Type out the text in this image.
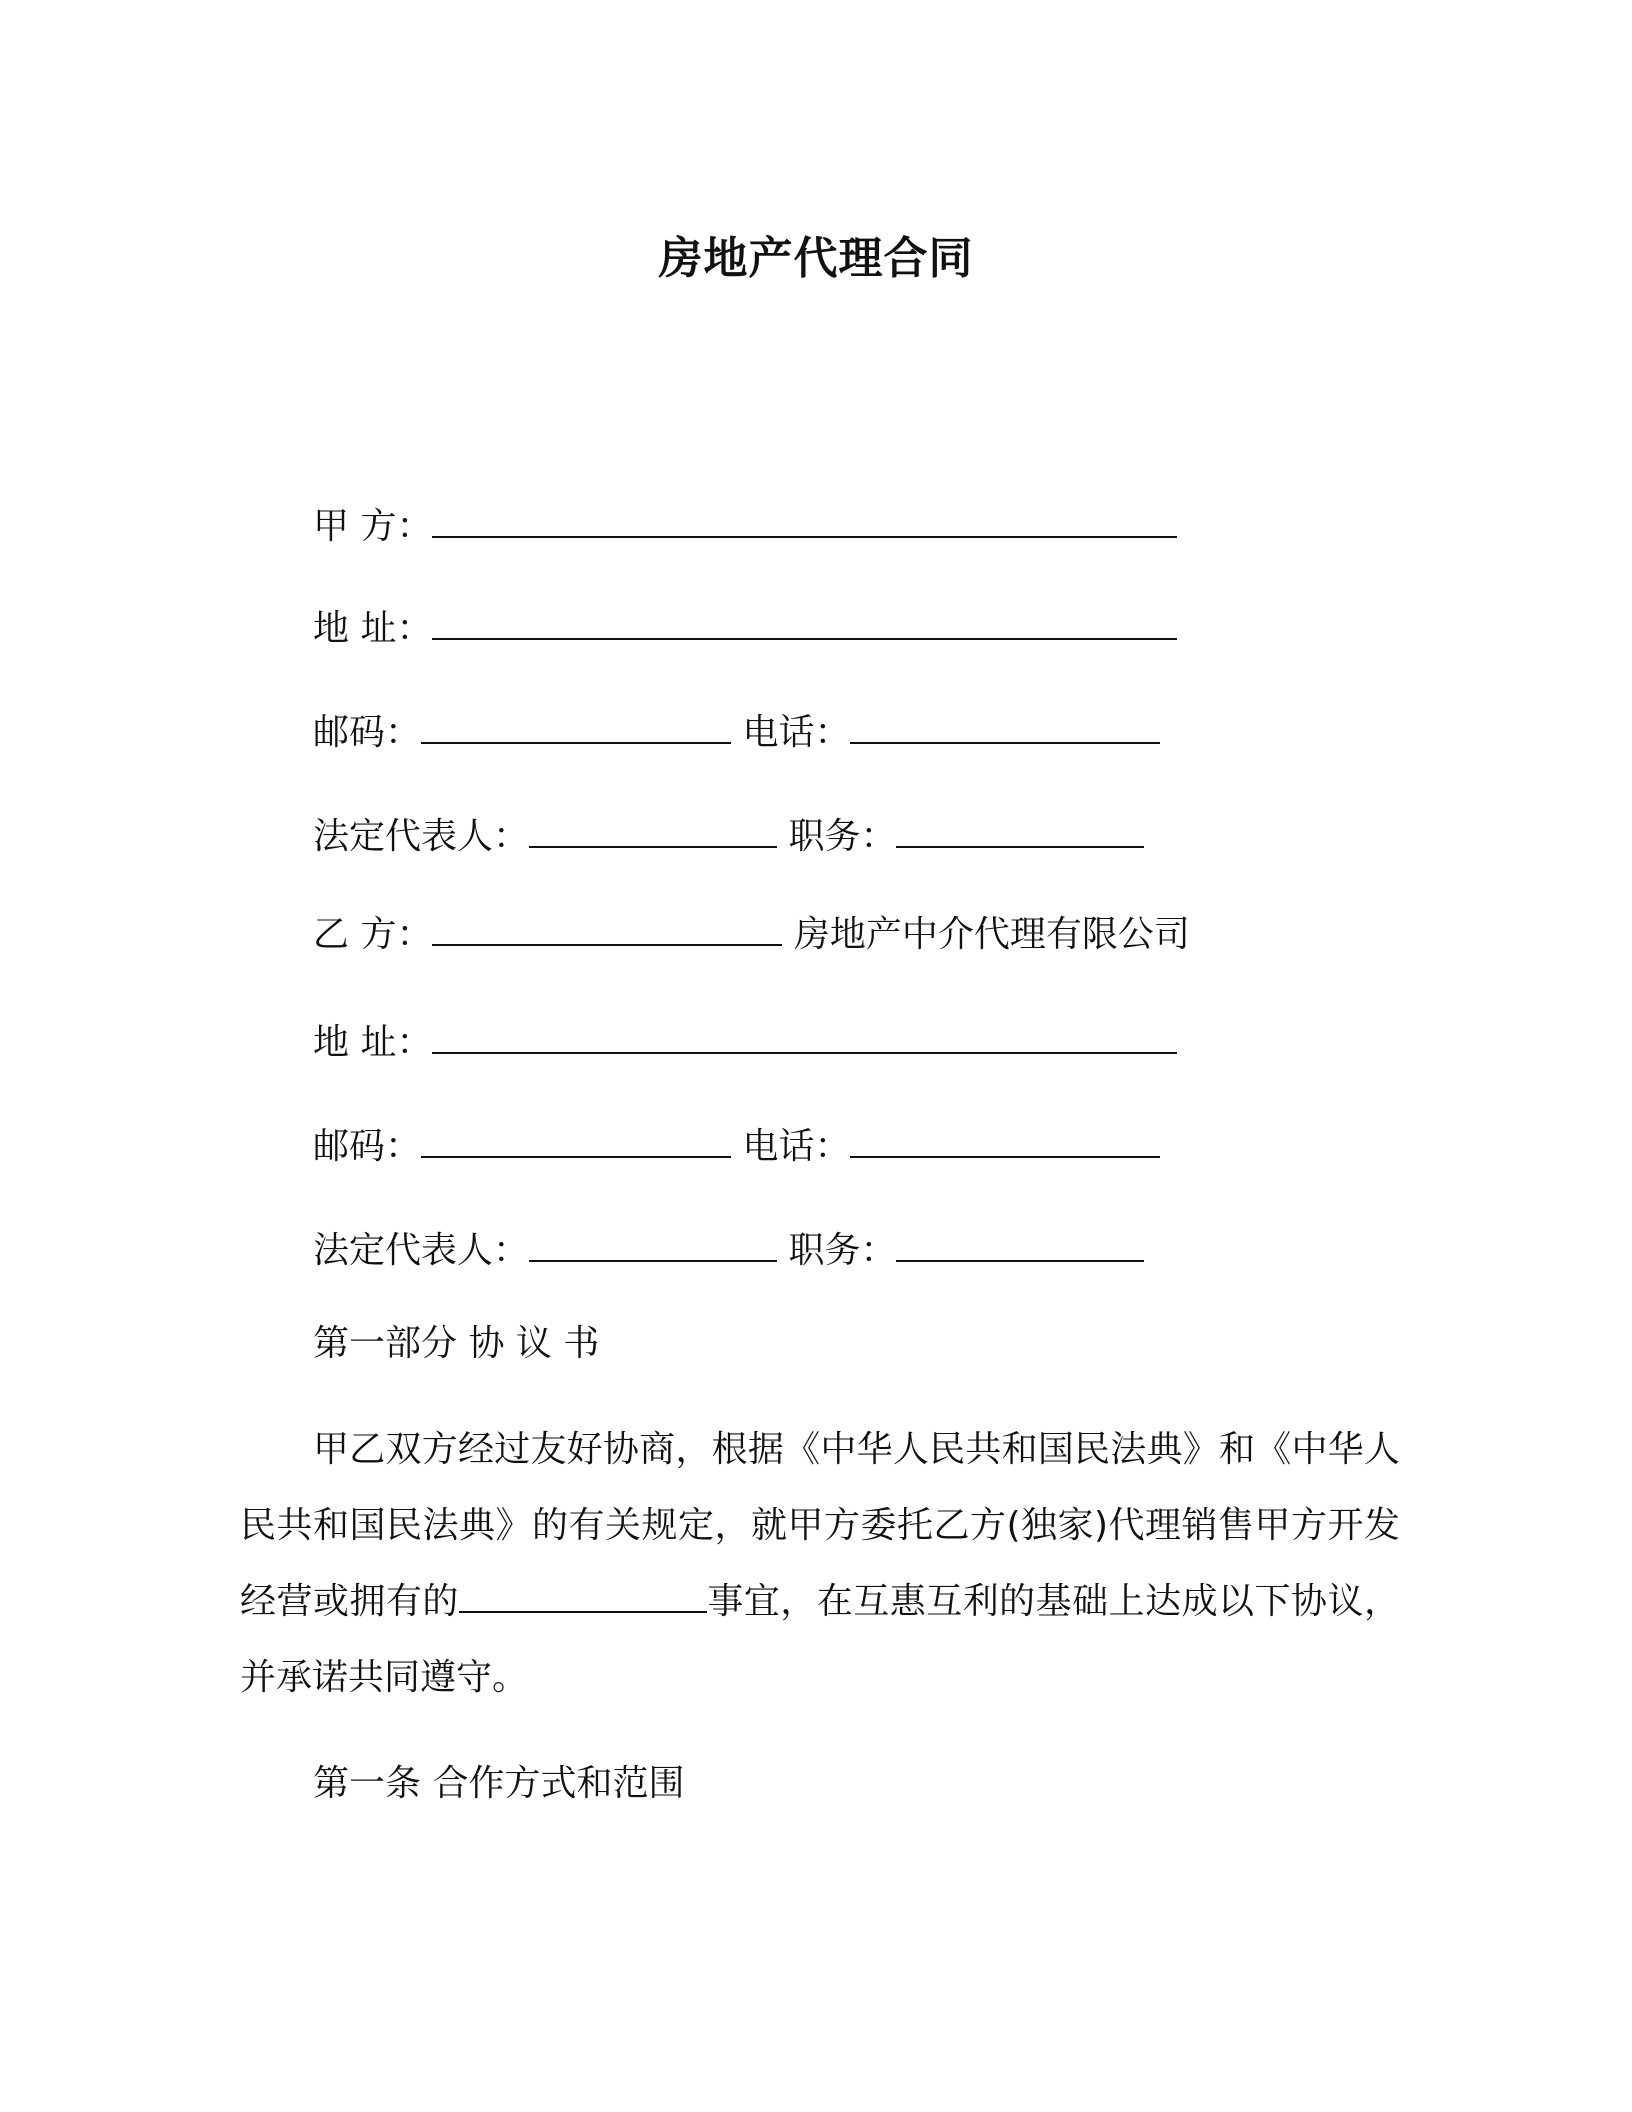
房地产代理合同
甲 方：
地 址：
邮码：	电话：
法定代表人：	职务：
乙 方：	房地产中介代理有限公司
地 址：
邮码：	电话：
法定代表人：	职务：
第一部分 协 议 书
甲乙双方经过友好协商，根据《中华人民共和国民法典》和《中华人民共和国民法典》的有关规定，就甲方委托乙方(独家)代理销售甲方开发经营或拥有的	事宜，在互惠互利的基础上达成以下协议，并承诺共同遵守。
第一条 合作方式和范围
